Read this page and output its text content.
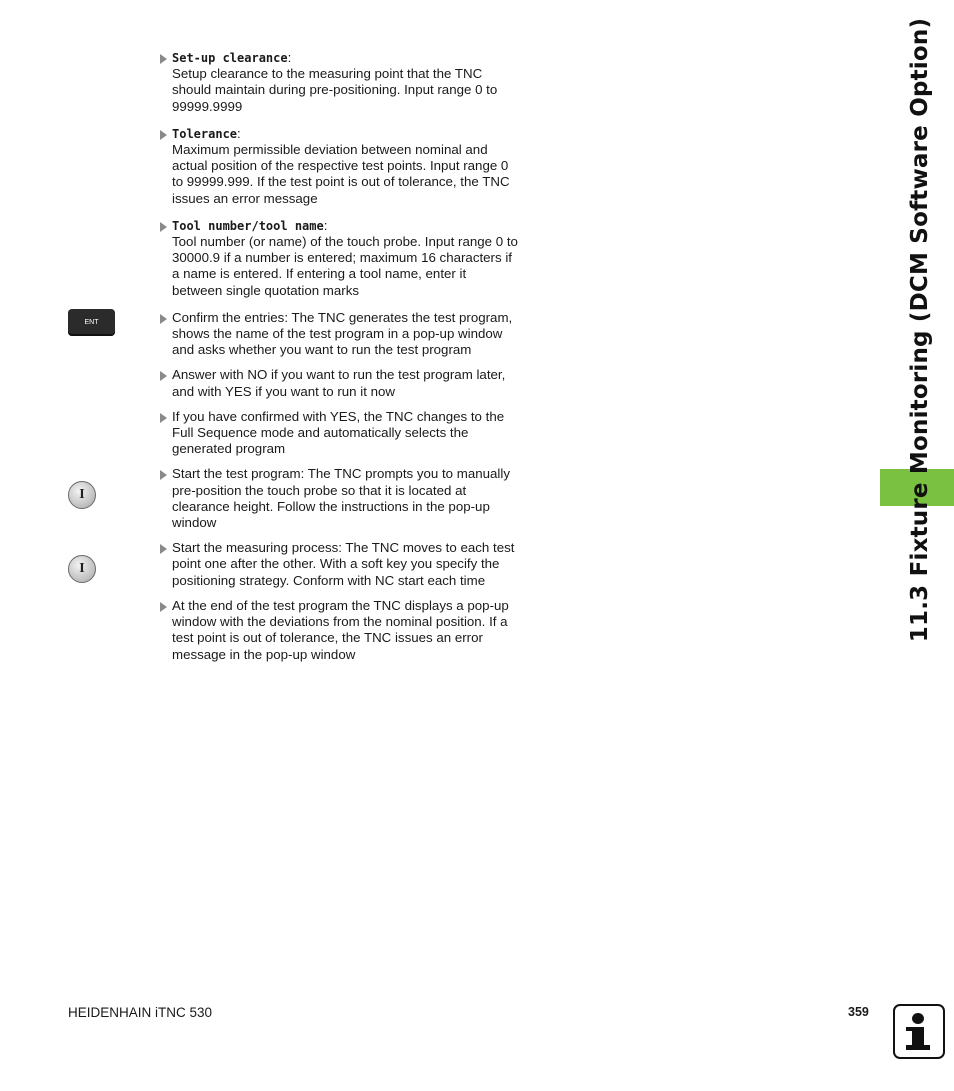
11.3 Fixture Monitoring (DCM Software Option)
ENT
I
I
Set-up clearance:
Setup clearance to the measuring point that the TNC should maintain during pre-positioning. Input range 0 to 99999.9999
Tolerance:
Maximum permissible deviation between nominal and actual position of the respective test points. Input range 0 to 99999.999. If the test point is out of tolerance, the TNC issues an error message
Tool number/tool name:
Tool number (or name) of the touch probe. Input range 0 to 30000.9 if a number is entered; maximum 16 characters if a name is entered. If entering a tool name, enter it between single quotation marks
Confirm the entries: The TNC generates the test program, shows the name of the test program in a pop-up window and asks whether you want to run the test program
Answer with NO if you want to run the test program later, and with YES if you want to run it now
If you have confirmed with YES, the TNC changes to the Full Sequence mode and automatically selects the generated program
Start the test program: The TNC prompts you to manually pre-position the touch probe so that it is located at clearance height. Follow the instructions in the pop-up window
Start the measuring process: The TNC moves to each test point one after the other. With a soft key you specify the positioning strategy. Conform with NC start each time
At the end of the test program the TNC displays a pop-up window with the deviations from the nominal position. If a test point is out of tolerance, the TNC issues an error message in the pop-up window
HEIDENHAIN iTNC 530	359
